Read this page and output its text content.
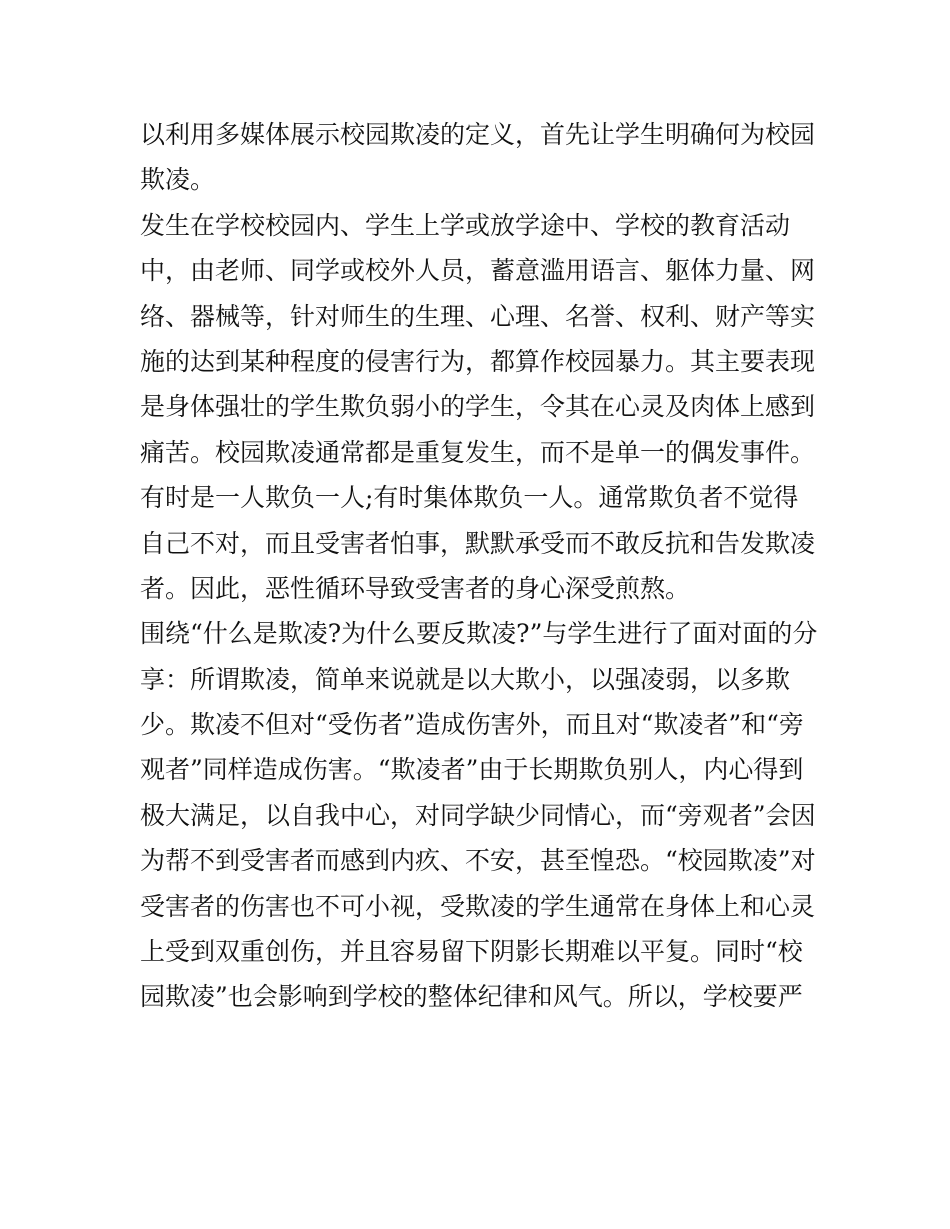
以利用多媒体展示校园欺凌的定义，首先让学生明确何为校园
欺凌。
发生在学校校园内、学生上学或放学途中、学校的教育活动
中，由老师、同学或校外人员，蓄意滥用语言、躯体力量、网
络、器械等，针对师生的生理、心理、名誉、权利、财产等实
施的达到某种程度的侵害行为，都算作校园暴力。其主要表现
是身体强壮的学生欺负弱小的学生，令其在心灵及肉体上感到
痛苦。校园欺凌通常都是重复发生，而不是单一的偶发事件。
有时是一人欺负一人;有时集体欺负一人。通常欺负者不觉得
自己不对，而且受害者怕事，默默承受而不敢反抗和告发欺凌
者。因此，恶性循环导致受害者的身心深受煎熬。
围绕“什么是欺凌?为什么要反欺凌?”与学生进行了面对面的分
享：所谓欺凌，简单来说就是以大欺小，以强凌弱，以多欺
少。欺凌不但对“受伤者”造成伤害外，而且对“欺凌者”和“旁
观者”同样造成伤害。“欺凌者”由于长期欺负别人，内心得到
极大满足，以自我中心，对同学缺少同情心，而“旁观者”会因
为帮不到受害者而感到内疚、不安，甚至惶恐。“校园欺凌”对
受害者的伤害也不可小视，受欺凌的学生通常在身体上和心灵
上受到双重创伤，并且容易留下阴影长期难以平复。同时“校
园欺凌”也会影响到学校的整体纪律和风气。所以，学校要严
